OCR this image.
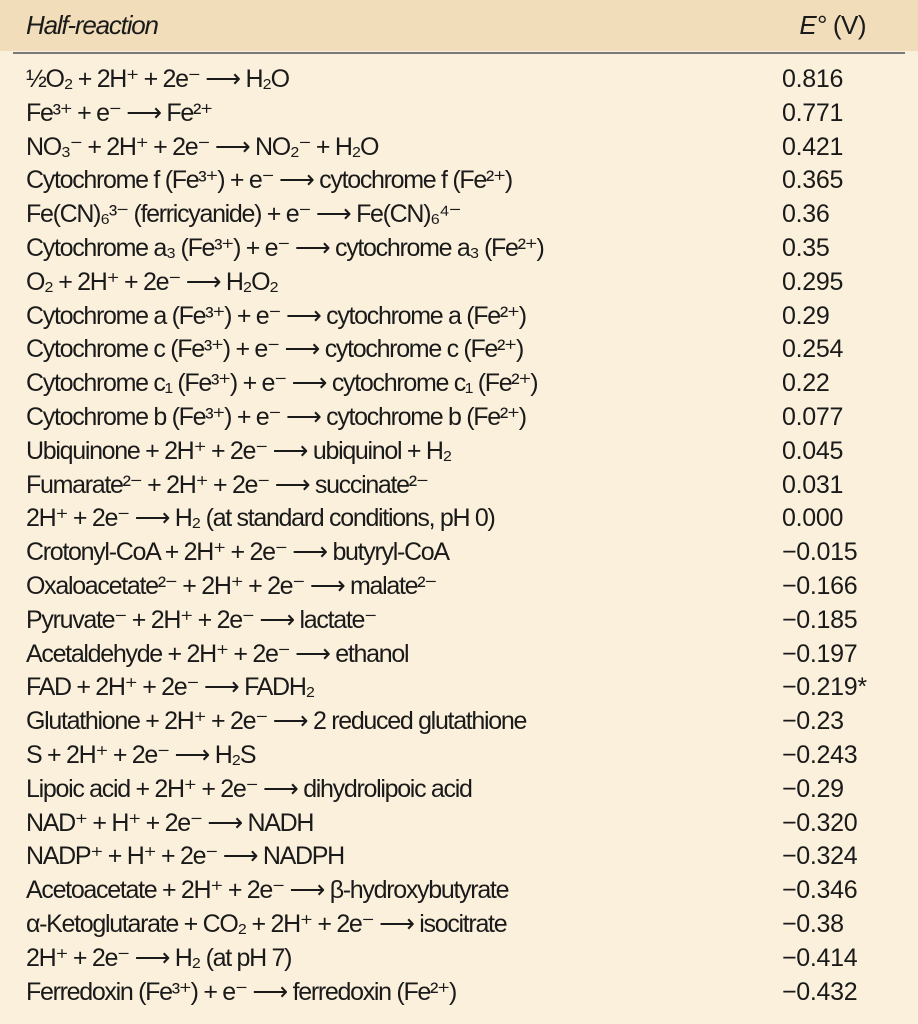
Half-reaction	E° (V)
½O₂ + 2H⁺ + 2e⁻ ⟶ H₂O	0.816
Fe³⁺ + e⁻ ⟶ Fe²⁺	0.771
NO₃⁻ + 2H⁺ + 2e⁻ ⟶ NO₂⁻ + H₂O	0.421
Cytochrome f (Fe³⁺) + e⁻ ⟶ cytochrome f (Fe²⁺)	0.365
Fe(CN)₆³⁻ (ferricyanide) + e⁻ ⟶ Fe(CN)₆⁴⁻	0.36
Cytochrome a₃ (Fe³⁺) + e⁻ ⟶ cytochrome a₃ (Fe²⁺)	0.35
O₂ + 2H⁺ + 2e⁻ ⟶ H₂O₂	0.295
Cytochrome a (Fe³⁺) + e⁻ ⟶ cytochrome a (Fe²⁺)	0.29
Cytochrome c (Fe³⁺) + e⁻ ⟶ cytochrome c (Fe²⁺)	0.254
Cytochrome c₁ (Fe³⁺) + e⁻ ⟶ cytochrome c₁ (Fe²⁺)	0.22
Cytochrome b (Fe³⁺) + e⁻ ⟶ cytochrome b (Fe²⁺)	0.077
Ubiquinone + 2H⁺ + 2e⁻ ⟶ ubiquinol + H₂	0.045
Fumarate²⁻ + 2H⁺ + 2e⁻ ⟶ succinate²⁻	0.031
2H⁺ + 2e⁻ ⟶ H₂ (at standard conditions, pH 0)	0.000
Crotonyl-CoA + 2H⁺ + 2e⁻ ⟶ butyryl-CoA	−0.015
Oxaloacetate²⁻ + 2H⁺ + 2e⁻ ⟶ malate²⁻	−0.166
Pyruvate⁻ + 2H⁺ + 2e⁻ ⟶ lactate⁻	−0.185
Acetaldehyde + 2H⁺ + 2e⁻ ⟶ ethanol	−0.197
FAD + 2H⁺ + 2e⁻ ⟶ FADH₂	−0.219*
Glutathione + 2H⁺ + 2e⁻ ⟶ 2 reduced glutathione	−0.23
S + 2H⁺ + 2e⁻ ⟶ H₂S	−0.243
Lipoic acid + 2H⁺ + 2e⁻ ⟶ dihydrolipoic acid	−0.29
NAD⁺ + H⁺ + 2e⁻ ⟶ NADH	−0.320
NADP⁺ + H⁺ + 2e⁻ ⟶ NADPH	−0.324
Acetoacetate + 2H⁺ + 2e⁻ ⟶ β-hydroxybutyrate	−0.346
α-Ketoglutarate + CO₂ + 2H⁺ + 2e⁻ ⟶ isocitrate	−0.38
2H⁺ + 2e⁻ ⟶ H₂ (at pH 7)	−0.414
Ferredoxin (Fe³⁺) + e⁻ ⟶ ferredoxin (Fe²⁺)	−0.432
